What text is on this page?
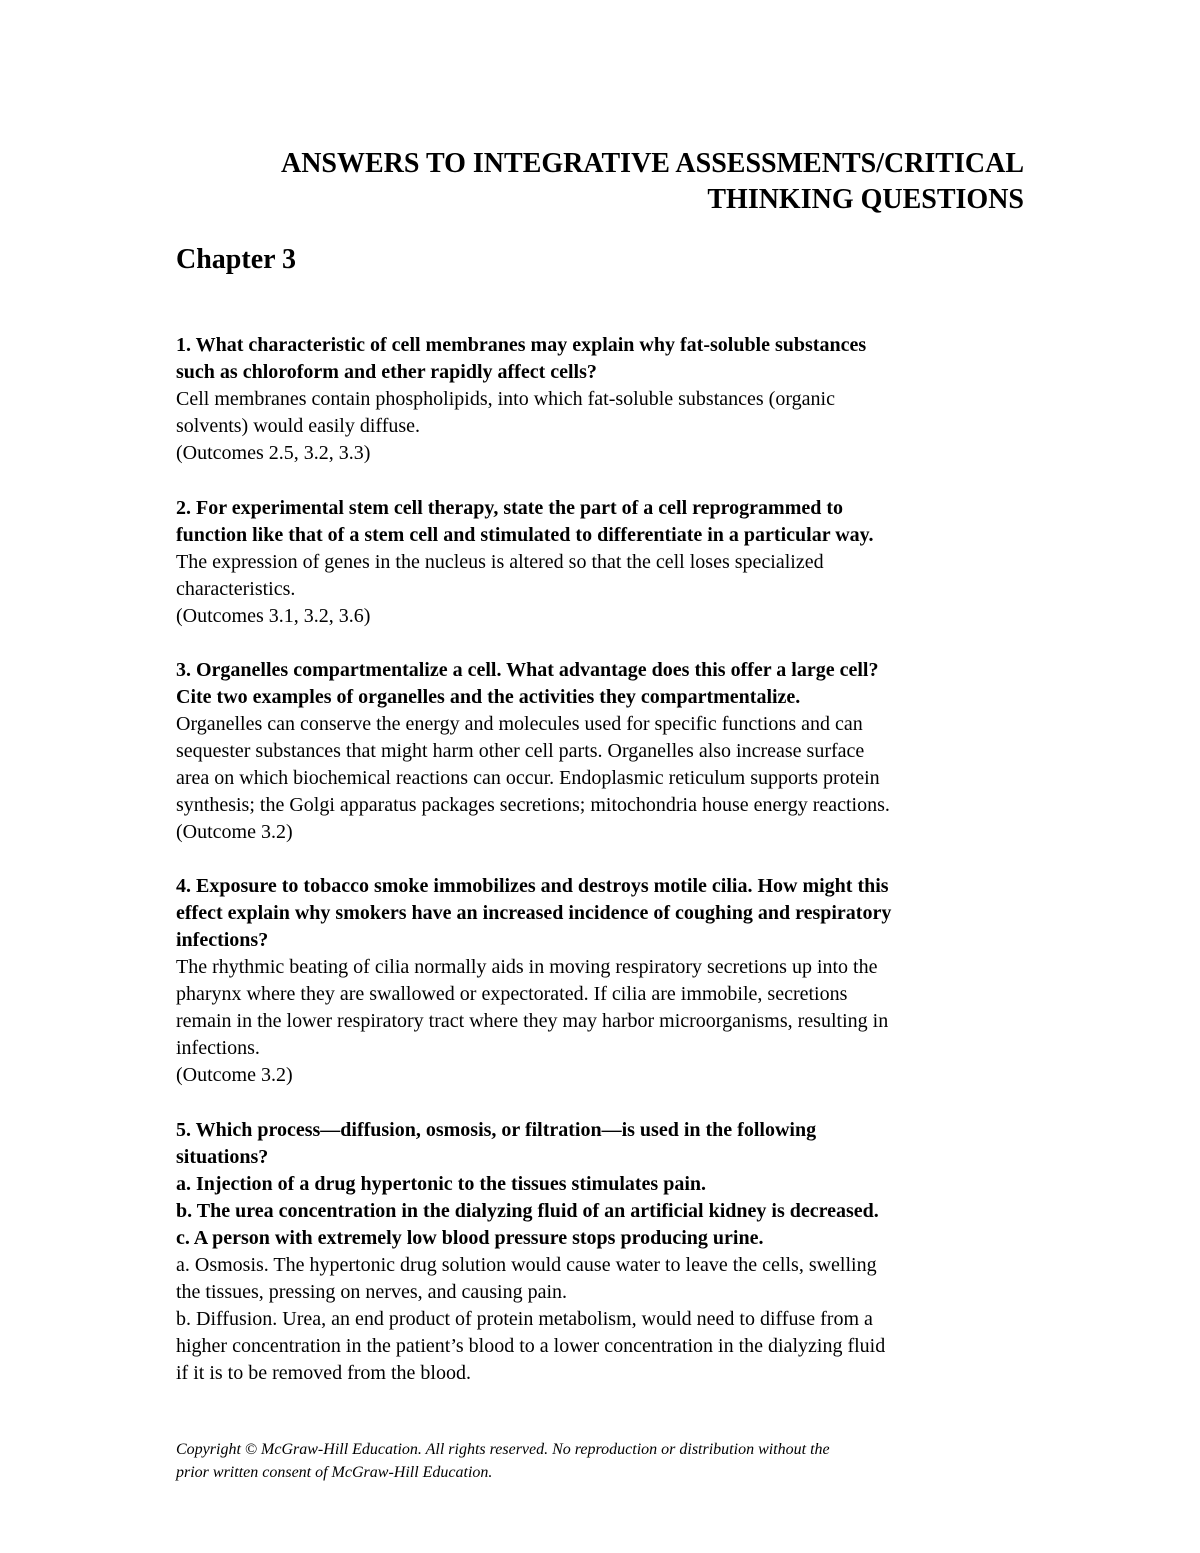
ANSWERS TO INTEGRATIVE ASSESSMENTS/CRITICAL
THINKING QUESTIONS
Chapter 3
1. What characteristic of cell membranes may explain why fat-soluble substances
such as chloroform and ether rapidly affect cells?
Cell membranes contain phospholipids, into which fat-soluble substances (organic
solvents) would easily diffuse.
(Outcomes 2.5, 3.2, 3.3)
2. For experimental stem cell therapy, state the part of a cell reprogrammed to
function like that of a stem cell and stimulated to differentiate in a particular way.
The expression of genes in the nucleus is altered so that the cell loses specialized
characteristics.
(Outcomes 3.1, 3.2, 3.6)
3. Organelles compartmentalize a cell. What advantage does this offer a large cell?
Cite two examples of organelles and the activities they compartmentalize.
Organelles can conserve the energy and molecules used for specific functions and can
sequester substances that might harm other cell parts. Organelles also increase surface
area on which biochemical reactions can occur. Endoplasmic reticulum supports protein
synthesis; the Golgi apparatus packages secretions; mitochondria house energy reactions.
(Outcome 3.2)
4. Exposure to tobacco smoke immobilizes and destroys motile cilia. How might this
effect explain why smokers have an increased incidence of coughing and respiratory
infections?
The rhythmic beating of cilia normally aids in moving respiratory secretions up into the
pharynx where they are swallowed or expectorated. If cilia are immobile, secretions
remain in the lower respiratory tract where they may harbor microorganisms, resulting in
infections.
(Outcome 3.2)
5. Which process—diffusion, osmosis, or filtration—is used in the following
situations?
a. Injection of a drug hypertonic to the tissues stimulates pain.
b. The urea concentration in the dialyzing fluid of an artificial kidney is decreased.
c. A person with extremely low blood pressure stops producing urine.
a. Osmosis. The hypertonic drug solution would cause water to leave the cells, swelling
the tissues, pressing on nerves, and causing pain.
b. Diffusion. Urea, an end product of protein metabolism, would need to diffuse from a
higher concentration in the patient’s blood to a lower concentration in the dialyzing fluid
if it is to be removed from the blood.
Copyright © McGraw-Hill Education. All rights reserved. No reproduction or distribution without the
prior written consent of McGraw-Hill Education.
